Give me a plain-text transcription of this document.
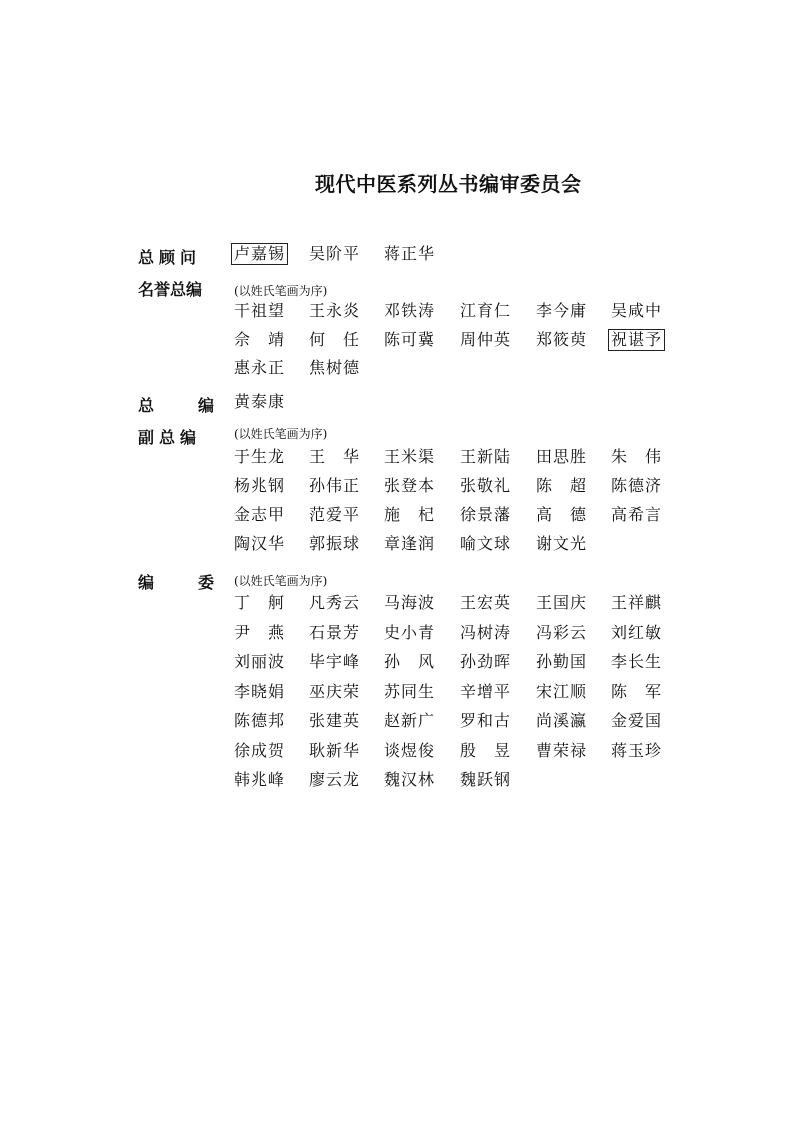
现代中医系列丛书编审委员会
总顾问 卢嘉锡 吴阶平 蒋正华
名誉总编	(以姓氏笔画为序)
干祖望 王永炎 邓铁涛 江育仁 李今庸 吴咸中
佘　靖 何　任 陈可冀 周仲英 郑筱萸 祝谌予
惠永正 焦树德
总	编 黄泰康
副总编	(以姓氏笔画为序)
于生龙 王　华 王米渠 王新陆 田思胜 朱　伟
杨兆钢 孙伟正 张登本 张敬礼 陈　超 陈德济
金志甲 范爱平 施　杞 徐景藩 高　德 高希言
陶汉华 郭振球 章逢润 喻文球 谢文光
编	委 (以姓氏笔画为序)
丁　舸 凡秀云 马海波 王宏英 王国庆 王祥麒
尹　燕 石景芳 史小青 冯树涛 冯彩云 刘红敏
刘丽波 毕宇峰 孙　风 孙劲晖 孙勤国 李长生
李晓娟 巫庆荣 苏同生 辛增平 宋江顺 陈　军
陈德邦 张建英 赵新广 罗和古 尚溪瀛 金爱国
徐成贺 耿新华 谈煜俊 殷　昱 曹荣禄 蒋玉珍
韩兆峰 廖云龙 魏汉林 魏跃钢
